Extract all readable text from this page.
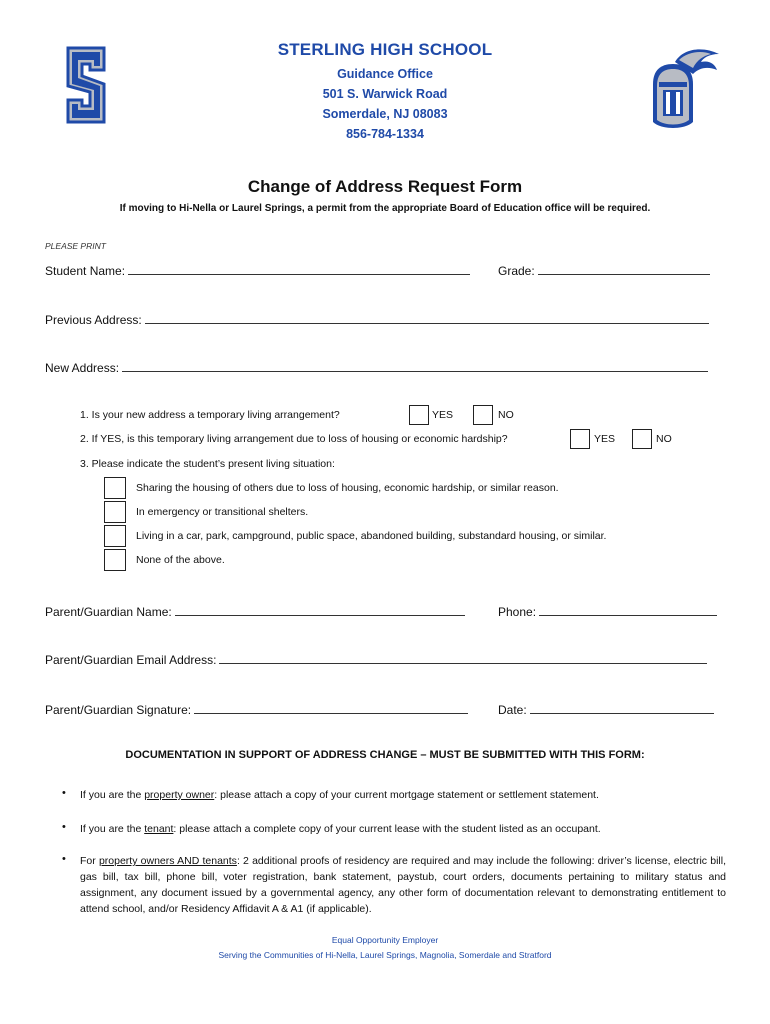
STERLING HIGH SCHOOL
Guidance Office
501 S. Warwick Road
Somerdale, NJ 08083
856-784-1334
Change of Address Request Form
If moving to Hi-Nella or Laurel Springs, a permit from the appropriate Board of Education office will be required.
PLEASE PRINT
Student Name:	Grade:
Previous Address:
New Address:
1. Is your new address a temporary living arrangement?	YES	NO
2. If YES, is this temporary living arrangement due to loss of housing or economic hardship?	YES	NO
3. Please indicate the student’s present living situation:
Sharing the housing of others due to loss of housing, economic hardship, or similar reason.
In emergency or transitional shelters.
Living in a car, park, campground, public space, abandoned building, substandard housing, or similar.
None of the above.
Parent/Guardian Name:	Phone:
Parent/Guardian Email Address:
Parent/Guardian Signature:	Date:
DOCUMENTATION IN SUPPORT OF ADDRESS CHANGE – MUST BE SUBMITTED WITH THIS FORM:
• If you are the property owner: please attach a copy of your current mortgage statement or settlement statement.
• If you are the tenant: please attach a complete copy of your current lease with the student listed as an occupant.
• For property owners AND tenants: 2 additional proofs of residency are required and may include the following: driver’s license, electric bill, gas bill, tax bill, phone bill, voter registration, bank statement, paystub, court orders, documents pertaining to military status and assignment, any document issued by a governmental agency, any other form of documentation relevant to demonstrating entitlement to attend school, and/or Residency Affidavit A & A1 (if applicable).
Equal Opportunity Employer
Serving the Communities of Hi-Nella, Laurel Springs, Magnolia, Somerdale and Stratford
